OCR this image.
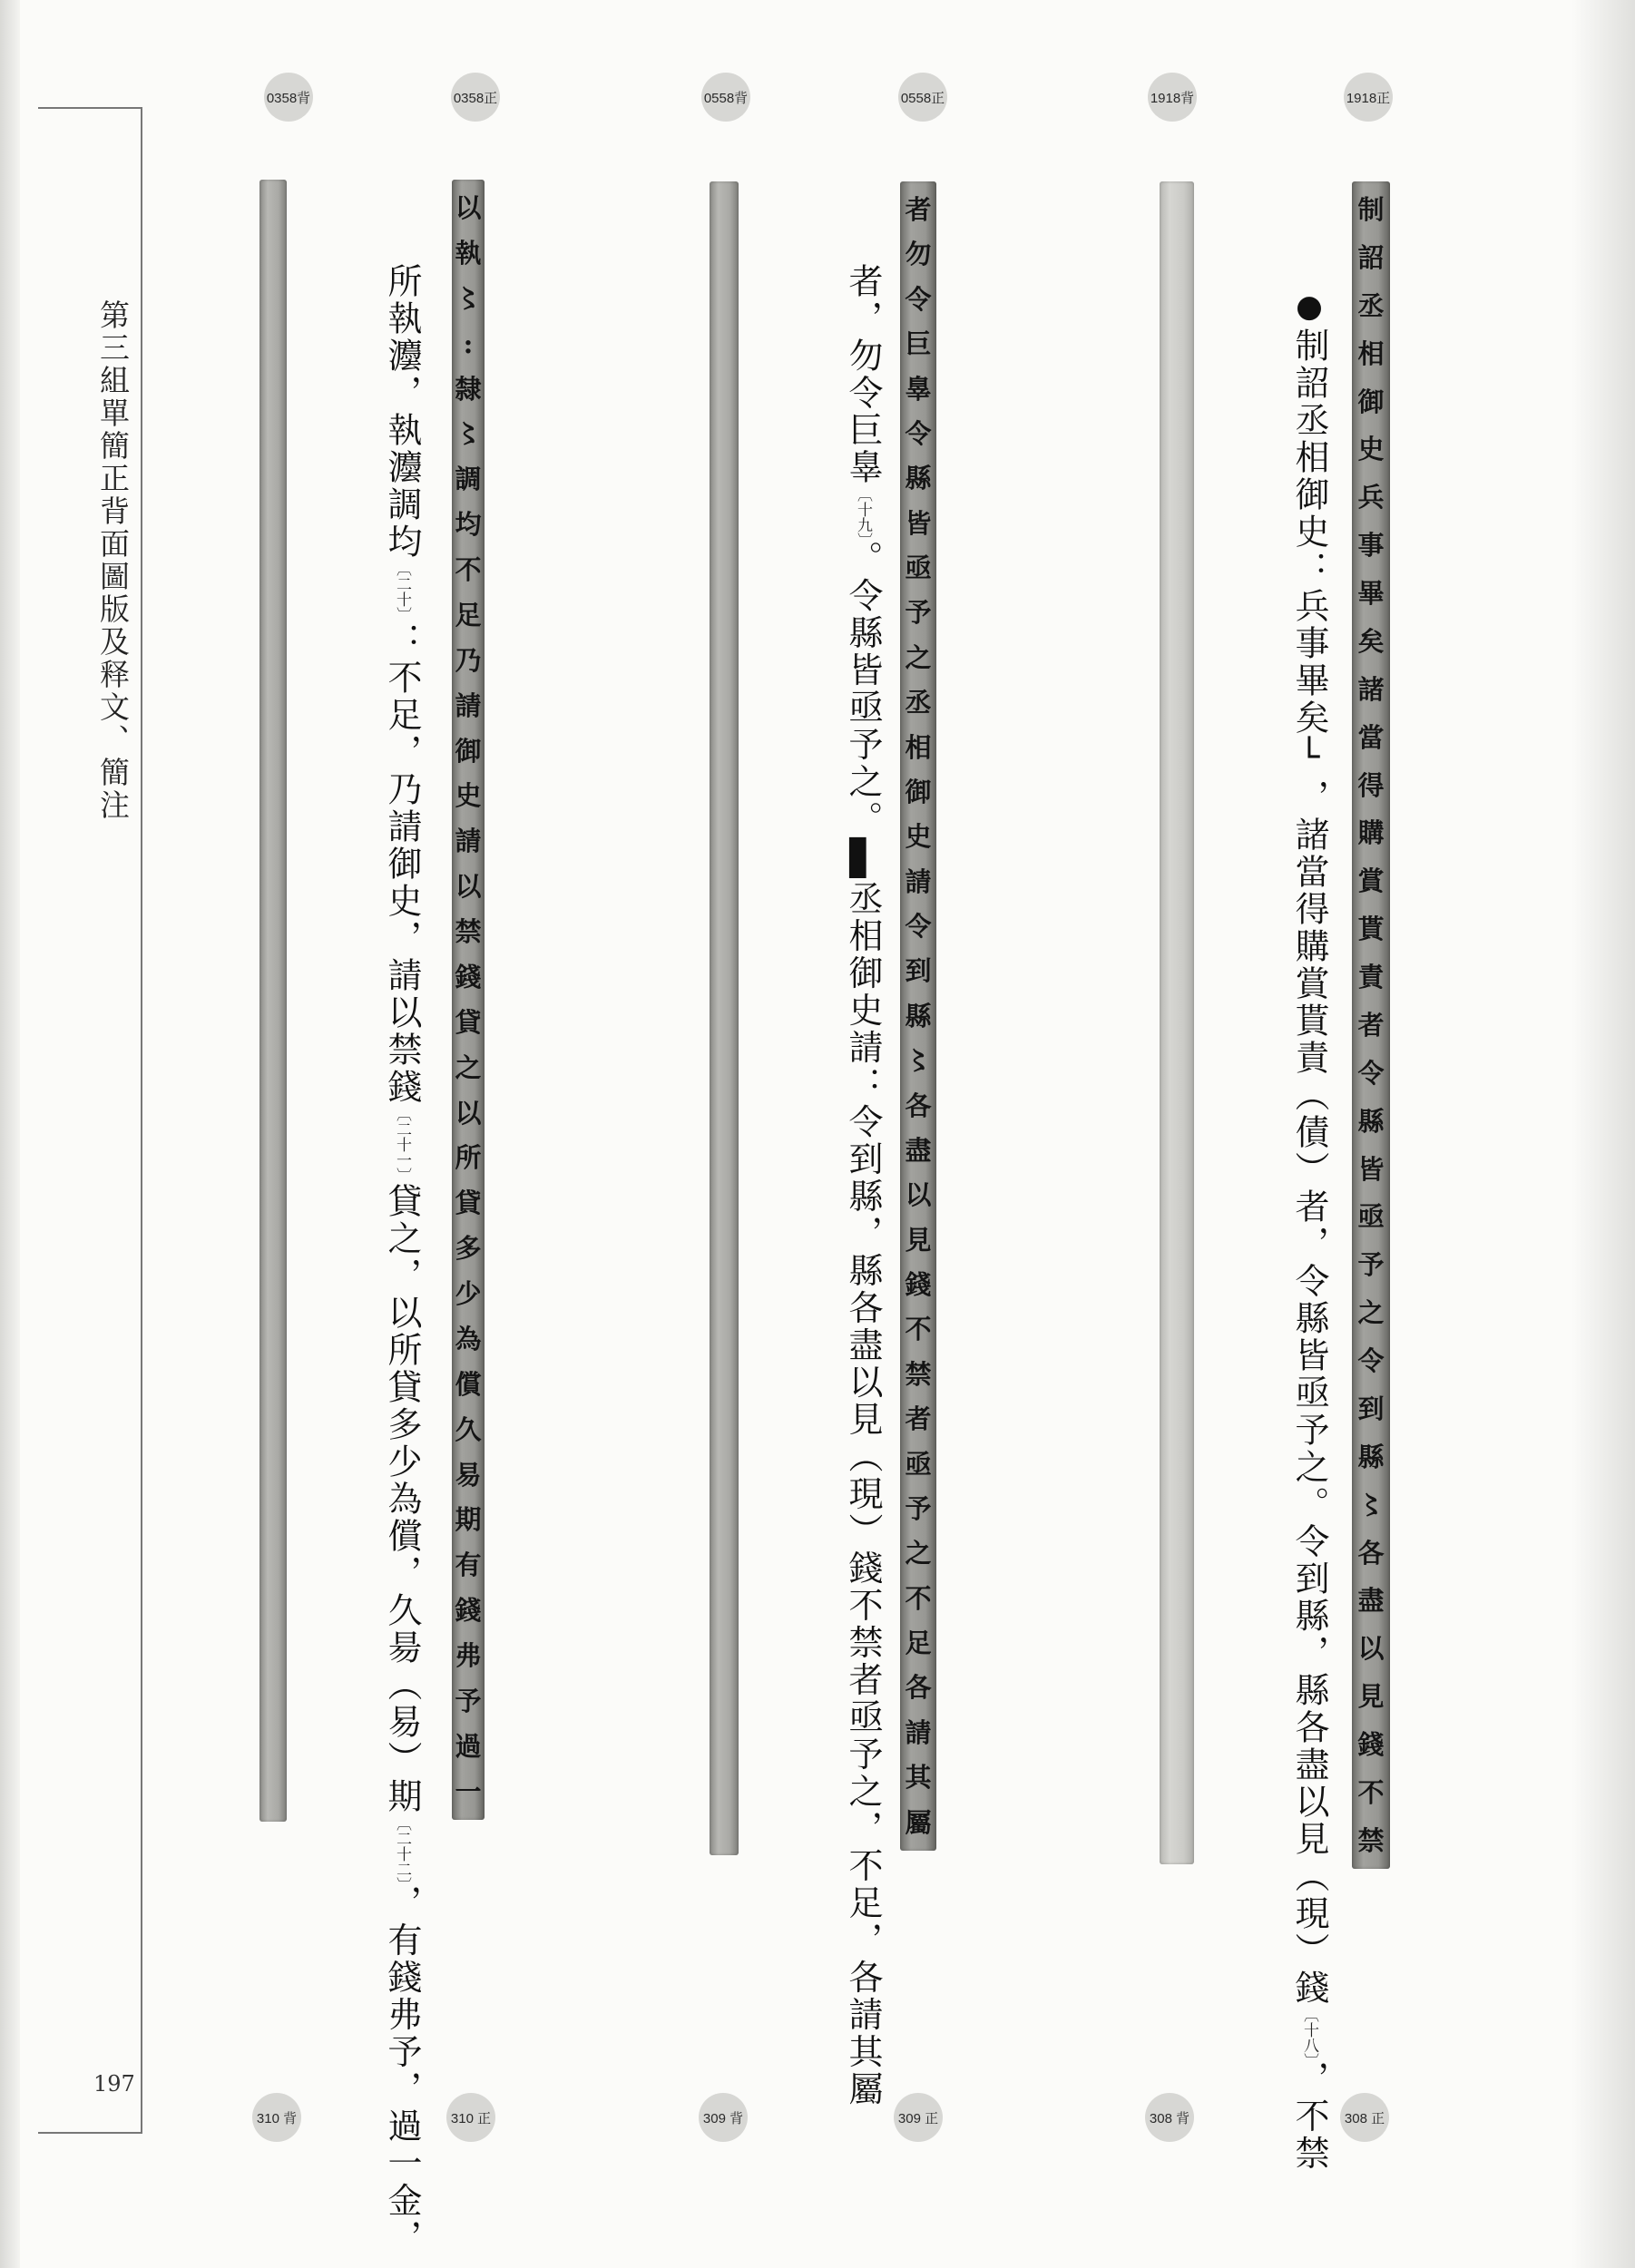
第三組單簡正背面圖版及释文、簡注
197
0358背	0358正	0558背	0558正	1918背	1918正
310 背	310 正	309 背	309 正	308 背	308 正
以
執
〻
:
隸
〻
調
均
不
足
乃
請
御
史
請
以
禁
錢
貸
之
以
所
貸
多
少
為
償
久
易
期
有
錢
弗
予
過
一
者
勿
令
巨
辠
令
縣
皆
亟
予
之
丞
相
御
史
請
令
到
縣
〻
各
盡
以
見
錢
不
禁
者
亟
予
之
不
足
各
請
其
屬
制
詔
丞
相
御
史
兵
事
畢
矣
諸
當
得
購
賞
貰
責
者
令
縣
皆
亟
予
之
令
到
縣
〻
各
盡
以
見
錢
不
禁
所執灋，執灋調均〔二十〕：不足，乃請御史，請以禁錢〔二十一〕貸之，以所貸多少為償，久昜（易）期〔二十二〕，有錢弗予，過一金，
者，勿令巨辠〔十九〕。令縣皆亟予之。▋丞相御史請：令到縣，縣各盡以見（現）錢不禁者亟予之，不足，各請其屬
●制詔丞相御史：兵事畢矣└，諸當得購賞貰責（債）者，令縣皆亟予之。令到縣，縣各盡以見（現）錢〔十八〕，不禁
